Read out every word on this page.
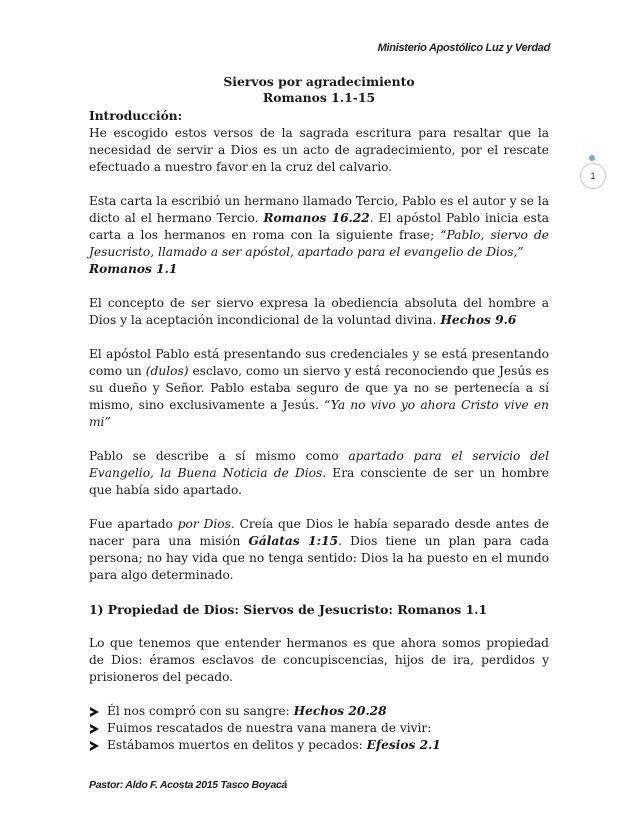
Ministerio Apostólico Luz y Verdad
1
Siervos por agradecimiento
Romanos 1.1-15
Introducción:

He escogido estos versos de la sagrada escritura para resaltar que la necesidad de servir a Dios es un acto de agradecimiento, por el rescate efectuado a nuestro favor en la cruz del calvario.

Esta carta la escribió un hermano llamado Tercio, Pablo es el autor y se la dicto al el hermano Tercio. Romanos 16.22. El apóstol Pablo inicia esta carta a los hermanos en roma con la siguiente frase; “Pablo, siervo de Jesucristo, llamado a ser apóstol, apartado para el evangelio de Dios,”
Romanos 1.1

El concepto de ser siervo expresa la obediencia absoluta del hombre a Dios y la aceptación incondicional de la voluntad divina. Hechos 9.6

El apóstol Pablo está presentando sus credenciales y se está presentando como un (dulos) esclavo, como un siervo y está reconociendo que Jesús es su dueño y Señor. Pablo estaba seguro de que ya no se pertenecía a sí mismo, sino exclusivamente a Jesús. “Ya no vivo yo ahora Cristo vive en mi”

Pablo se describe a sí mismo como apartado para el servicio del Evangelio, la Buena Noticia de Dios. Era consciente de ser un hombre que había sido apartado.

Fue apartado por Dios. Creía que Dios le había separado desde antes de nacer para una misión Gálatas 1:15. Dios tiene un plan para cada persona; no hay vida que no tenga sentido: Dios la ha puesto en el mundo para algo determinado.

1) Propiedad de Dios: Siervos de Jesucristo: Romanos 1.1

Lo que tenemos que entender hermanos es que ahora somos propiedad de Dios: éramos esclavos de concupiscencias, hijos de ira, perdidos y prisioneros del pecado.

Él nos compró con su sangre: Hechos 20.28
Fuimos rescatados de nuestra vana manera de vivir:
Estábamos muertos en delitos y pecados: Efesios 2.1
Pastor: Aldo F. Acosta 2015 Tasco Boyacá
